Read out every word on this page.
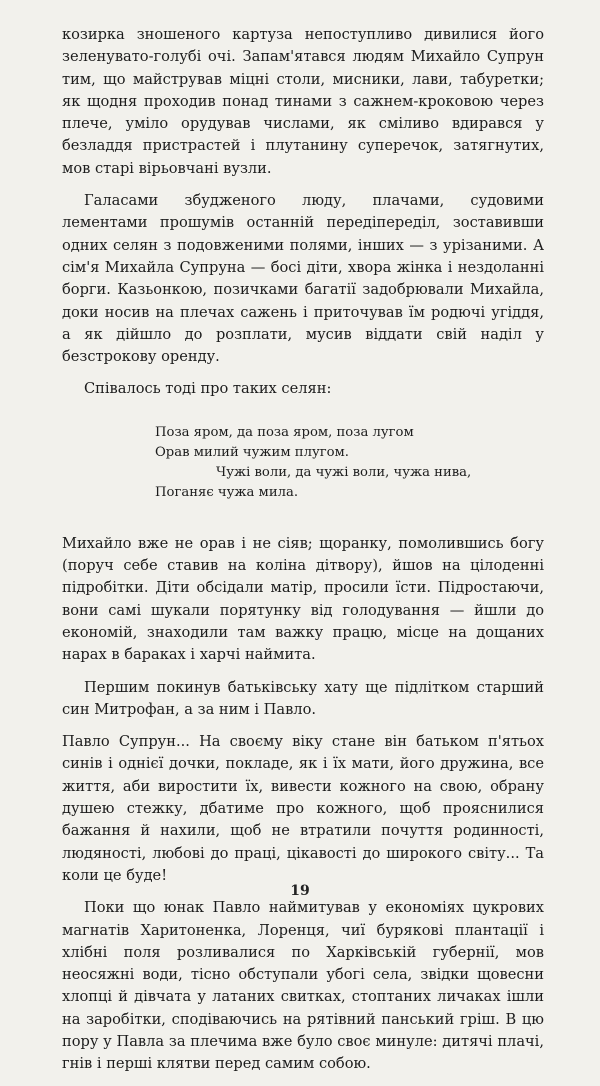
козирка зношеного картуза непоступливо дивилися його зеленувато-голубі очі. Запам'ятався людям Михайло Супрун тим, що майстрував міцні столи, мисники, лави, табуретки; як щодня проходив понад тинами з сажнем-кроковою через плече, уміло орудував числами, як сміливо вдирався у безладдя пристрастей і плутанину суперечок, затягнутих, мов старі вірьовчані вузли.

Галасами збудженого люду, плачами, судовими лементами прошумів останній передіпереділ, зоставивши одних селян з подовженими полями, інших — з урізаними. А сім'я Михайла Супруна — босі діти, хвора жінка і нездоланні борги. Казьонкою, позичками багатії задобрювали Михайла, доки носив на плечах сажень і приточував їм родючі угіддя, а як дійшло до розплати, мусив віддати свій наділ у безстрокову оренду.

Співалось тоді про таких селян:

Поза яром, да поза яром, поза лугом
Орав милий чужим плугом.
Чужі воли, да чужі воли, чужа нива,
Поганяє чужа мила.

Михайло вже не орав і не сіяв; щоранку, помолившись богу (поруч себе ставив на коліна дітвору), йшов на цілоденні підробітки. Діти обсідали матір, просили їсти. Підростаючи, вони самі шукали порятунку від голодування — йшли до економій, знаходили там важку працю, місце на дощаних нарах в бараках і харчі наймита.

Першим покинув батьківську хату ще підлітком старший син Митрофан, а за ним і Павло.

Павло Супрун... На своєму віку стане він батьком п'ятьох синів і однієї дочки, покладе, як і їх мати, його дружина, все життя, аби виростити їх, вивести кожного на свою, обрану душею стежку, дбатиме про кожного, щоб прояснилися бажання й нахили, щоб не втратили почуття родинності, людяності, любові до праці, цікавості до широкого світу... Та коли це буде!

Поки що юнак Павло наймитував у економіях цукрових магнатів Харитоненка, Лоренця, чиї бурякові плантації і хлібні поля розливалися по Харківській губернії, мов неосяжні води, тісно обступали убогі села, звідки щовесни хлопці й дівчата у латаних свитках, стоптаних личаках ішли на заробітки, сподіваючись на рятівний панський гріш. В цю пору у Павла за плечима вже було своє минуле: дитячі плачі, гнів і перші клятви перед самим собою.

19
